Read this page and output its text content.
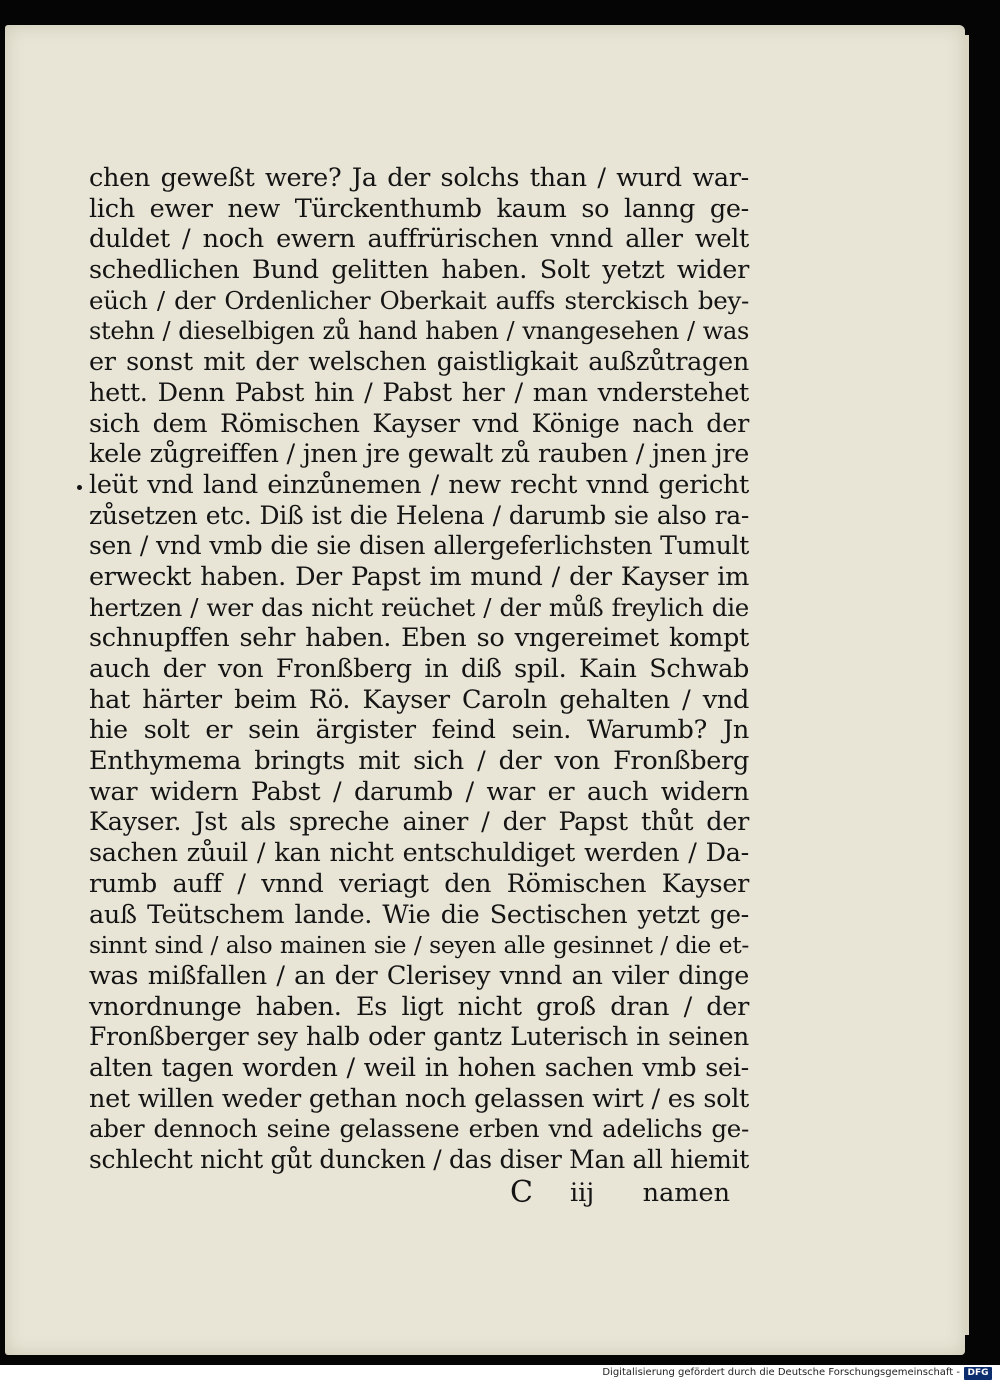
chen geweßt were? Ja der solchs than / wurd war-
lich ewer new Türckenthumb kaum so lanng ge-
duldet / noch ewern auffrürischen vnnd aller welt
schedlichen Bund gelitten haben. Solt yetzt wider
eüch / der Ordenlicher Oberkait auffs sterckisch bey-
stehn / dieselbigen zů hand haben / vnangesehen / was
er sonst mit der welschen gaistligkait außzůtragen
hett. Denn Pabst hin / Pabst her / man vnderstehet
sich dem Römischen Kayser vnd Könige nach der
kele zůgreiffen / jnen jre gewalt zů rauben / jnen jre
leüt vnd land einzůnemen / new recht vnnd gericht
zůsetzen etc. Diß ist die Helena / darumb sie also ra-
sen / vnd vmb die sie disen allergeferlichsten Tumult
erweckt haben. Der Papst im mund / der Kayser im
hertzen / wer das nicht reüchet / der můß freylich die
schnupffen sehr haben. Eben so vngereimet kompt
auch der von Fronßberg in diß spil. Kain Schwab
hat härter beim Rö. Kayser Caroln gehalten / vnd
hie solt er sein ärgister feind sein. Warumb? Jn
Enthymema bringts mit sich / der von Fronßberg
war widern Pabst / darumb / war er auch widern
Kayser. Jst als spreche ainer / der Papst thůt der
sachen zůuil / kan nicht entschuldiget werden / Da-
rumb auff / vnnd veriagt den Römischen Kayser
auß Teütschem lande. Wie die Sectischen yetzt ge-
sinnt sind / also mainen sie / seyen alle gesinnet / die et-
was mißfallen / an der Clerisey vnnd an viler dinge
vnordnunge haben. Es ligt nicht groß dran / der
Fronßberger sey halb oder gantz Luterisch in seinen
alten tagen worden / weil in hohen sachen vmb sei-
net willen weder gethan noch gelassen wirt / es solt
aber dennoch seine gelassene erben vnd adelichs ge-
schlecht nicht gůt duncken / das diser Man all hiemit
C iij namen
Digitalisierung gefördert durch die Deutsche Forschungsgemeinschaft - DFG
